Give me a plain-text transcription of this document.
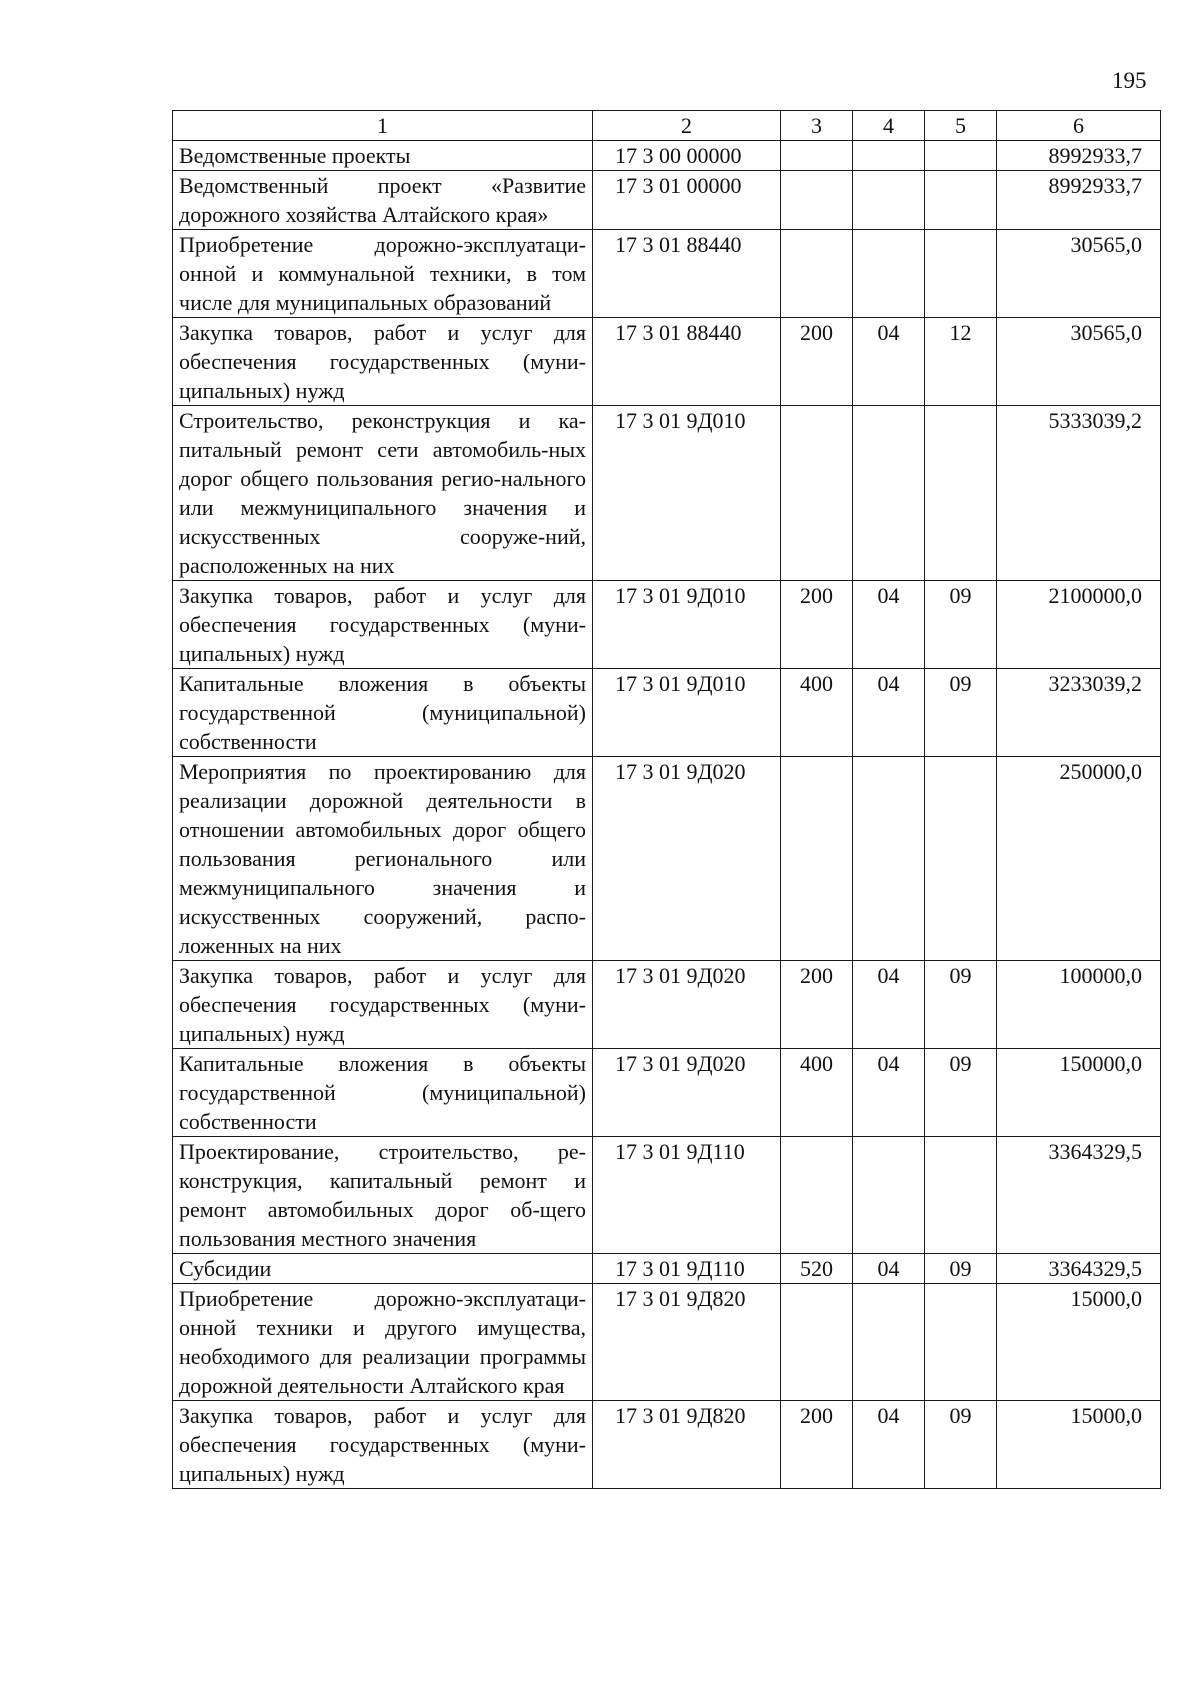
195
1	2	3	4	5	6
Ведомственные проекты	17 3 00 00000				8992933,7
Ведомственный проект «Развитие дорожного хозяйства Алтайского края»	17 3 01 00000				8992933,7
Приобретение дорожно-эксплуатаци-онной и коммунальной техники, в том числе для муниципальных образований	17 3 01 88440				30565,0
Закупка товаров, работ и услуг для обеспечения государственных (муни-ципальных) нужд	17 3 01 88440	200	04	12	30565,0
Строительство, реконструкция и ка-питальный ремонт сети автомобиль-ных дорог общего пользования регио-нального или межмуниципального значения и искусственных сооруже-ний, расположенных на них	17 3 01 9Д010				5333039,2
Закупка товаров, работ и услуг для обеспечения государственных (муни-ципальных) нужд	17 3 01 9Д010	200	04	09	2100000,0
Капитальные вложения в объекты государственной (муниципальной) собственности	17 3 01 9Д010	400	04	09	3233039,2
Мероприятия по проектированию для реализации дорожной деятельности в отношении автомобильных дорог общего пользования регионального или межмуниципального значения и искусственных сооружений, распо-ложенных на них	17 3 01 9Д020				250000,0
Закупка товаров, работ и услуг для обеспечения государственных (муни-ципальных) нужд	17 3 01 9Д020	200	04	09	100000,0
Капитальные вложения в объекты государственной (муниципальной) собственности	17 3 01 9Д020	400	04	09	150000,0
Проектирование, строительство, ре-конструкция, капитальный ремонт и ремонт автомобильных дорог об-щего пользования местного значения	17 3 01 9Д110				3364329,5
Субсидии	17 3 01 9Д110	520	04	09	3364329,5
Приобретение дорожно-эксплуатаци-онной техники и другого имущества, необходимого для реализации программы дорожной деятельности Алтайского края	17 3 01 9Д820				15000,0
Закупка товаров, работ и услуг для обеспечения государственных (муни-ципальных) нужд	17 3 01 9Д820	200	04	09	15000,0
